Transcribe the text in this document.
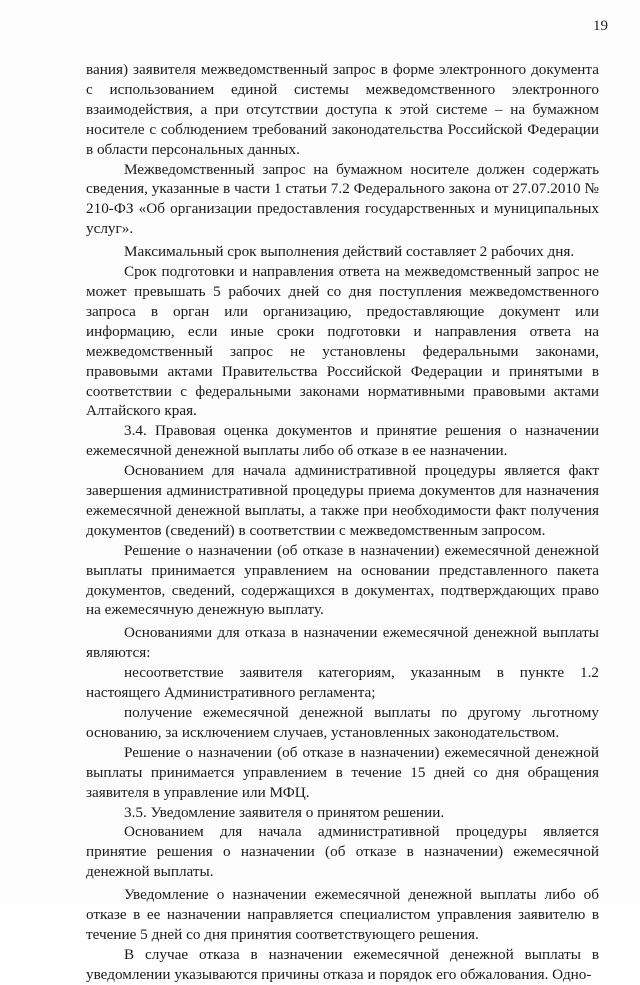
19

вания) заявителя межведомственный запрос в форме электронного документа с использованием единой системы межведомственного электронного взаимодействия, а при отсутствии доступа к этой системе – на бумажном носителе с соблюдением требований законодательства Российской Федерации в области персональных данных.

Межведомственный запрос на бумажном носителе должен содержать сведения, указанные в части 1 статьи 7.2 Федерального закона от 27.07.2010 № 210-ФЗ «Об организации предоставления государственных и муниципальных услуг».

Максимальный срок выполнения действий составляет 2 рабочих дня.

Срок подготовки и направления ответа на межведомственный запрос не может превышать 5 рабочих дней со дня поступления межведомственного запроса в орган или организацию, предоставляющие документ или информацию, если иные сроки подготовки и направления ответа на межведомственный запрос не установлены федеральными законами, правовыми актами Правительства Российской Федерации и принятыми в соответствии с федеральными законами нормативными правовыми актами Алтайского края.

3.4. Правовая оценка документов и принятие решения о назначении ежемесячной денежной выплаты либо об отказе в ее назначении.

Основанием для начала административной процедуры является факт завершения административной процедуры приема документов для назначения ежемесячной денежной выплаты, а также при необходимости факт получения документов (сведений) в соответствии с межведомственным запросом.

Решение о назначении (об отказе в назначении) ежемесячной денежной выплаты принимается управлением на основании представленного пакета документов, сведений, содержащихся в документах, подтверждающих право на ежемесячную денежную выплату.

Основаниями для отказа в назначении ежемесячной денежной выплаты являются:

несоответствие заявителя категориям, указанным в пункте 1.2 настоящего Административного регламента;

получение ежемесячной денежной выплаты по другому льготному основанию, за исключением случаев, установленных законодательством.

Решение о назначении (об отказе в назначении) ежемесячной денежной выплаты принимается управлением в течение 15 дней со дня обращения заявителя в управление или МФЦ.

3.5. Уведомление заявителя о принятом решении.

Основанием для начала административной процедуры является принятие решения о назначении (об отказе в назначении) ежемесячной денежной выплаты.

Уведомление о назначении ежемесячной денежной выплаты либо об отказе в ее назначении направляется специалистом управления заявителю в течение 5 дней со дня принятия соответствующего решения.

В случае отказа в назначении ежемесячной денежной выплаты в уведомлении указываются причины отказа и порядок его обжалования. Одно-
